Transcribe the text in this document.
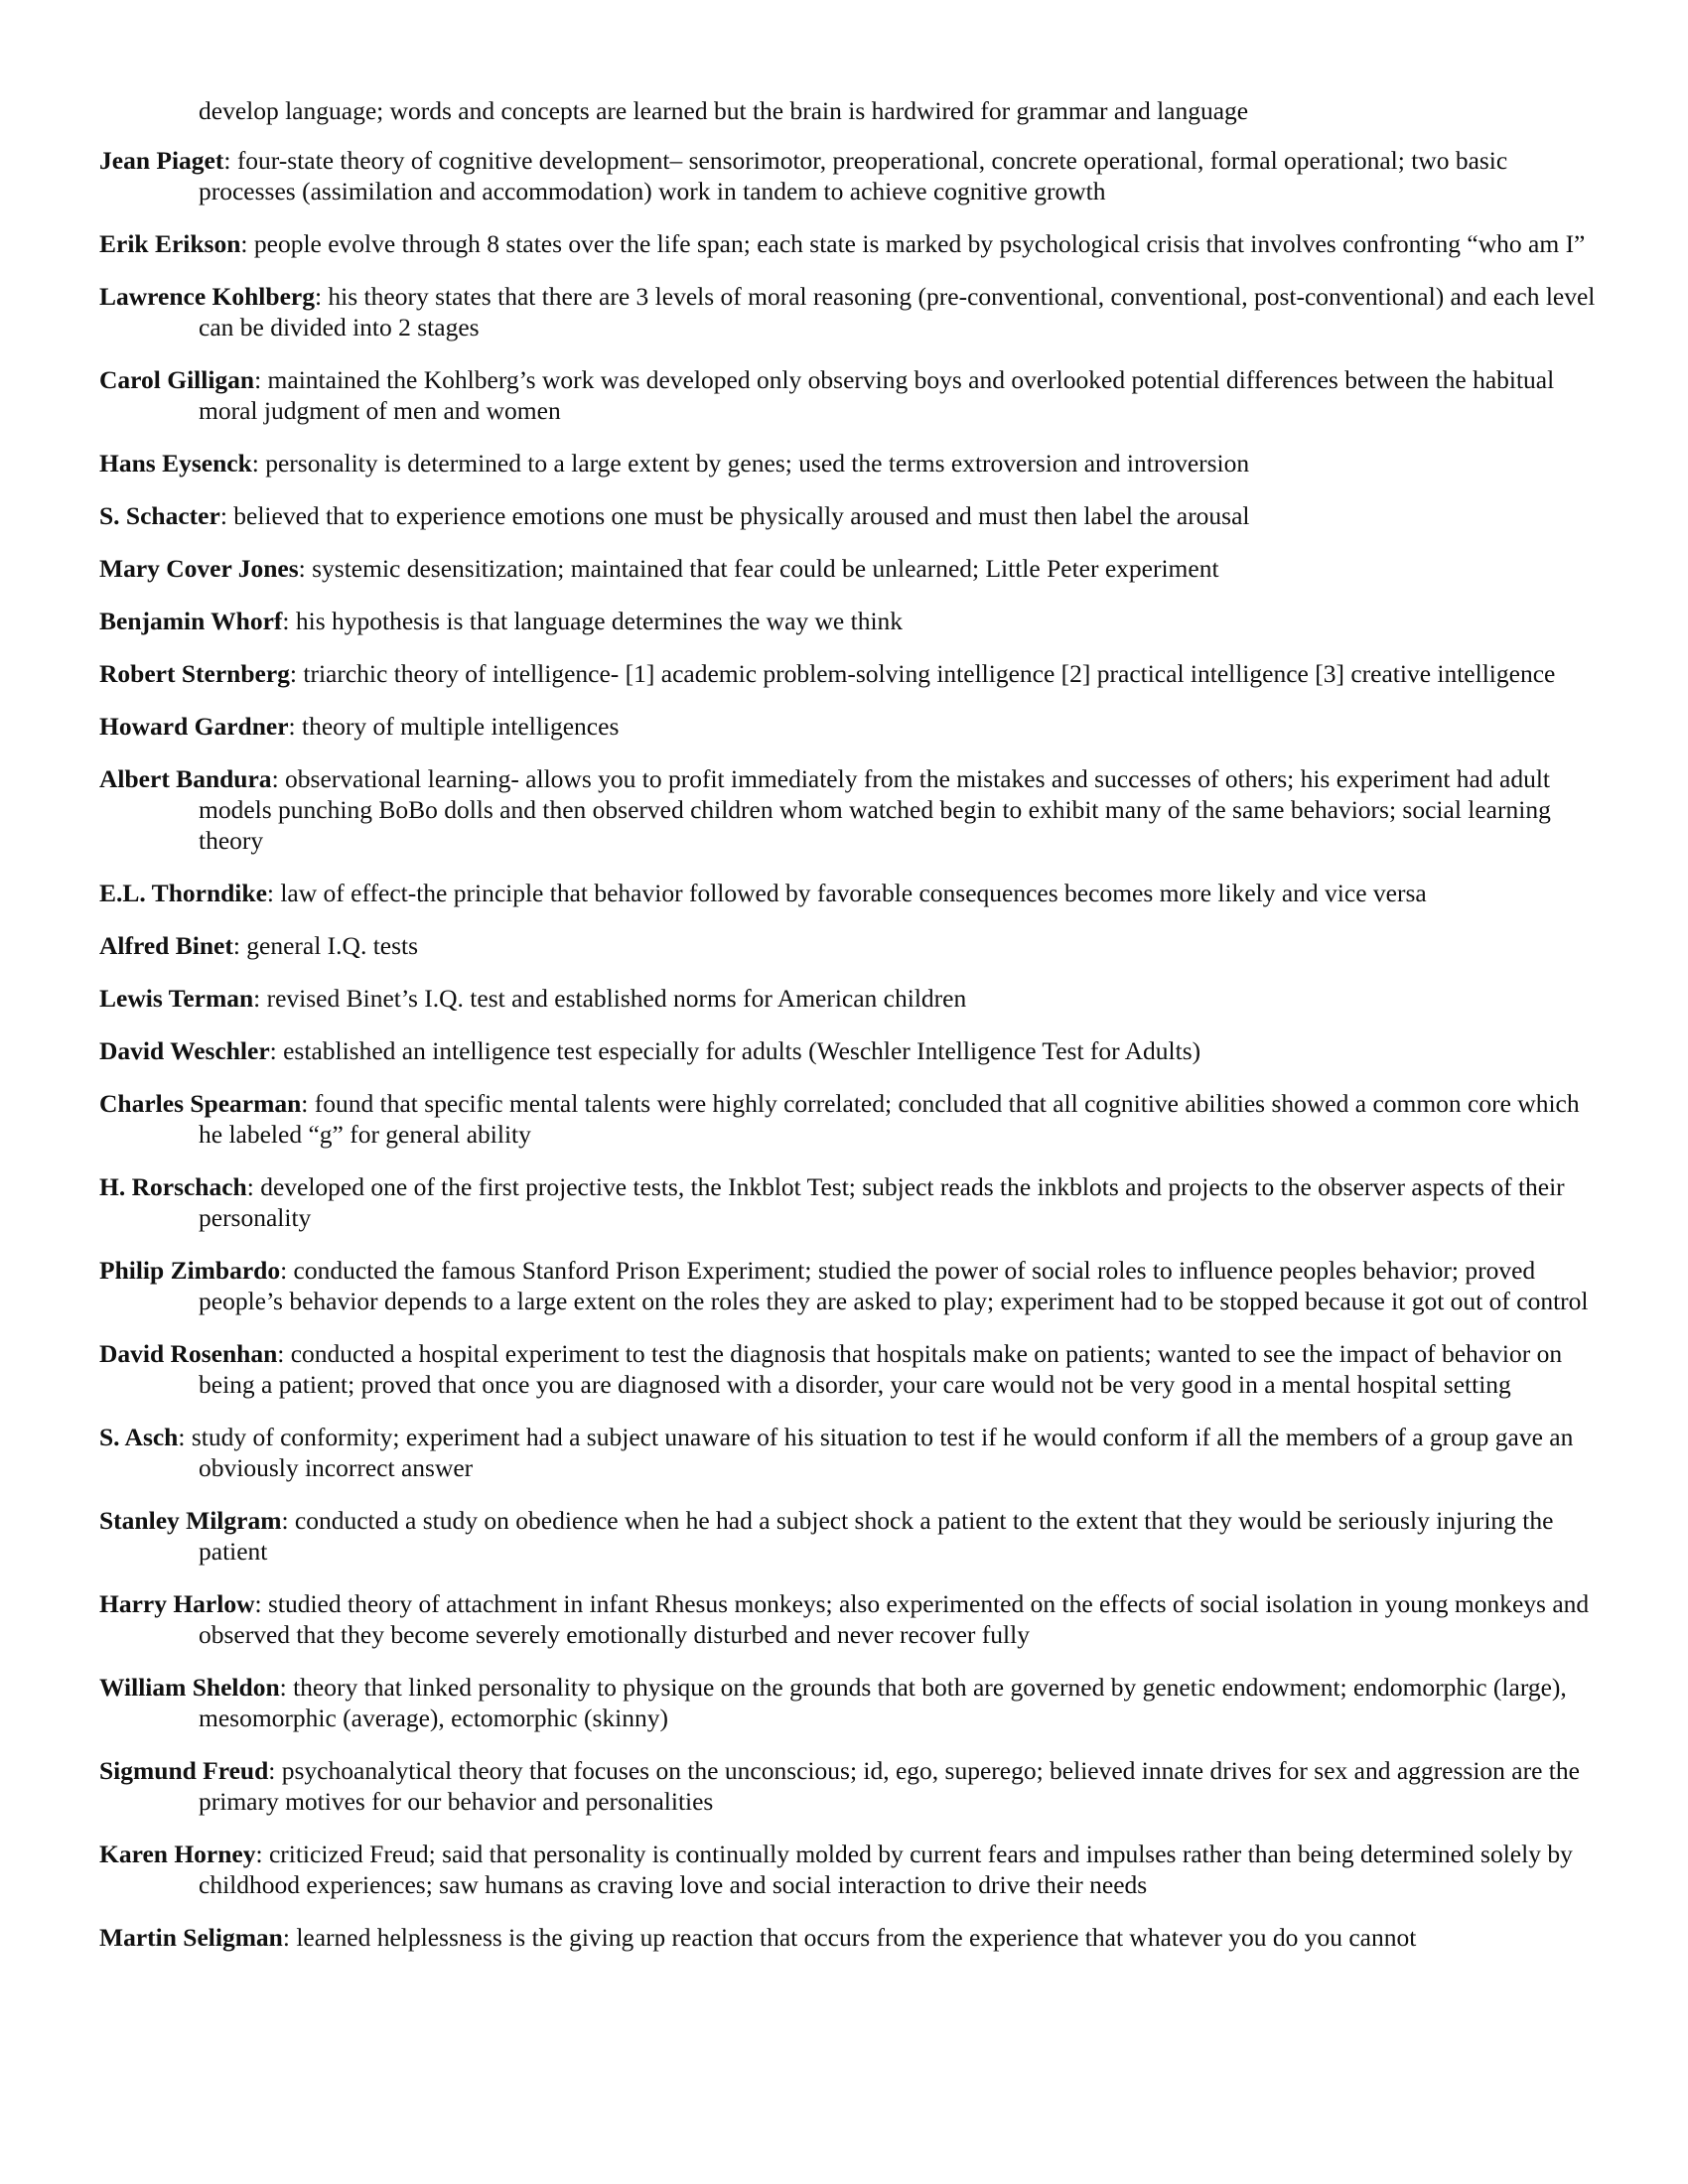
develop language; words and concepts are learned but the brain is hardwired for grammar and language

Jean Piaget: four-state theory of cognitive development– sensorimotor, preoperational, concrete operational, formal operational; two basic processes (assimilation and accommodation) work in tandem to achieve cognitive growth

Erik Erikson: people evolve through 8 states over the life span; each state is marked by psychological crisis that involves confronting “who am I”

Lawrence Kohlberg: his theory states that there are 3 levels of moral reasoning (pre-conventional, conventional, post-conventional) and each level can be divided into 2 stages

Carol Gilligan: maintained the Kohlberg’s work was developed only observing boys and overlooked potential differences between the habitual moral judgment of men and women

Hans Eysenck: personality is determined to a large extent by genes; used the terms extroversion and introversion

S. Schacter: believed that to experience emotions one must be physically aroused and must then label the arousal

Mary Cover Jones: systemic desensitization; maintained that fear could be unlearned; Little Peter experiment

Benjamin Whorf: his hypothesis is that language determines the way we think

Robert Sternberg: triarchic theory of intelligence- [1] academic problem-solving intelligence [2] practical intelligence [3] creative intelligence

Howard Gardner: theory of multiple intelligences

Albert Bandura: observational learning- allows you to profit immediately from the mistakes and successes of others; his experiment had adult models punching BoBo dolls and then observed children whom watched begin to exhibit many of the same behaviors; social learning theory

E.L. Thorndike: law of effect-the principle that behavior followed by favorable consequences becomes more likely and vice versa

Alfred Binet: general I.Q. tests

Lewis Terman: revised Binet’s I.Q. test and established norms for American children

David Weschler: established an intelligence test especially for adults (Weschler Intelligence Test for Adults)

Charles Spearman: found that specific mental talents were highly correlated; concluded that all cognitive abilities showed a common core which he labeled “g” for general ability

H. Rorschach: developed one of the first projective tests, the Inkblot Test; subject reads the inkblots and projects to the observer aspects of their personality

Philip Zimbardo: conducted the famous Stanford Prison Experiment; studied the power of social roles to influence peoples behavior; proved people’s behavior depends to a large extent on the roles they are asked to play; experiment had to be stopped because it got out of control

David Rosenhan: conducted a hospital experiment to test the diagnosis that hospitals make on patients; wanted to see the impact of behavior on being a patient; proved that once you are diagnosed with a disorder, your care would not be very good in a mental hospital setting

S. Asch: study of conformity; experiment had a subject unaware of his situation to test if he would conform if all the members of a group gave an obviously incorrect answer

Stanley Milgram: conducted a study on obedience when he had a subject shock a patient to the extent that they would be seriously injuring the patient

Harry Harlow: studied theory of attachment in infant Rhesus monkeys; also experimented on the effects of social isolation in young monkeys and observed that they become severely emotionally disturbed and never recover fully

William Sheldon: theory that linked personality to physique on the grounds that both are governed by genetic endowment; endomorphic (large), mesomorphic (average), ectomorphic (skinny)

Sigmund Freud: psychoanalytical theory that focuses on the unconscious; id, ego, superego; believed innate drives for sex and aggression are the primary motives for our behavior and personalities

Karen Horney: criticized Freud; said that personality is continually molded by current fears and impulses rather than being determined solely by childhood experiences; saw humans as craving love and social interaction to drive their needs

Martin Seligman: learned helplessness is the giving up reaction that occurs from the experience that whatever you do you cannot
